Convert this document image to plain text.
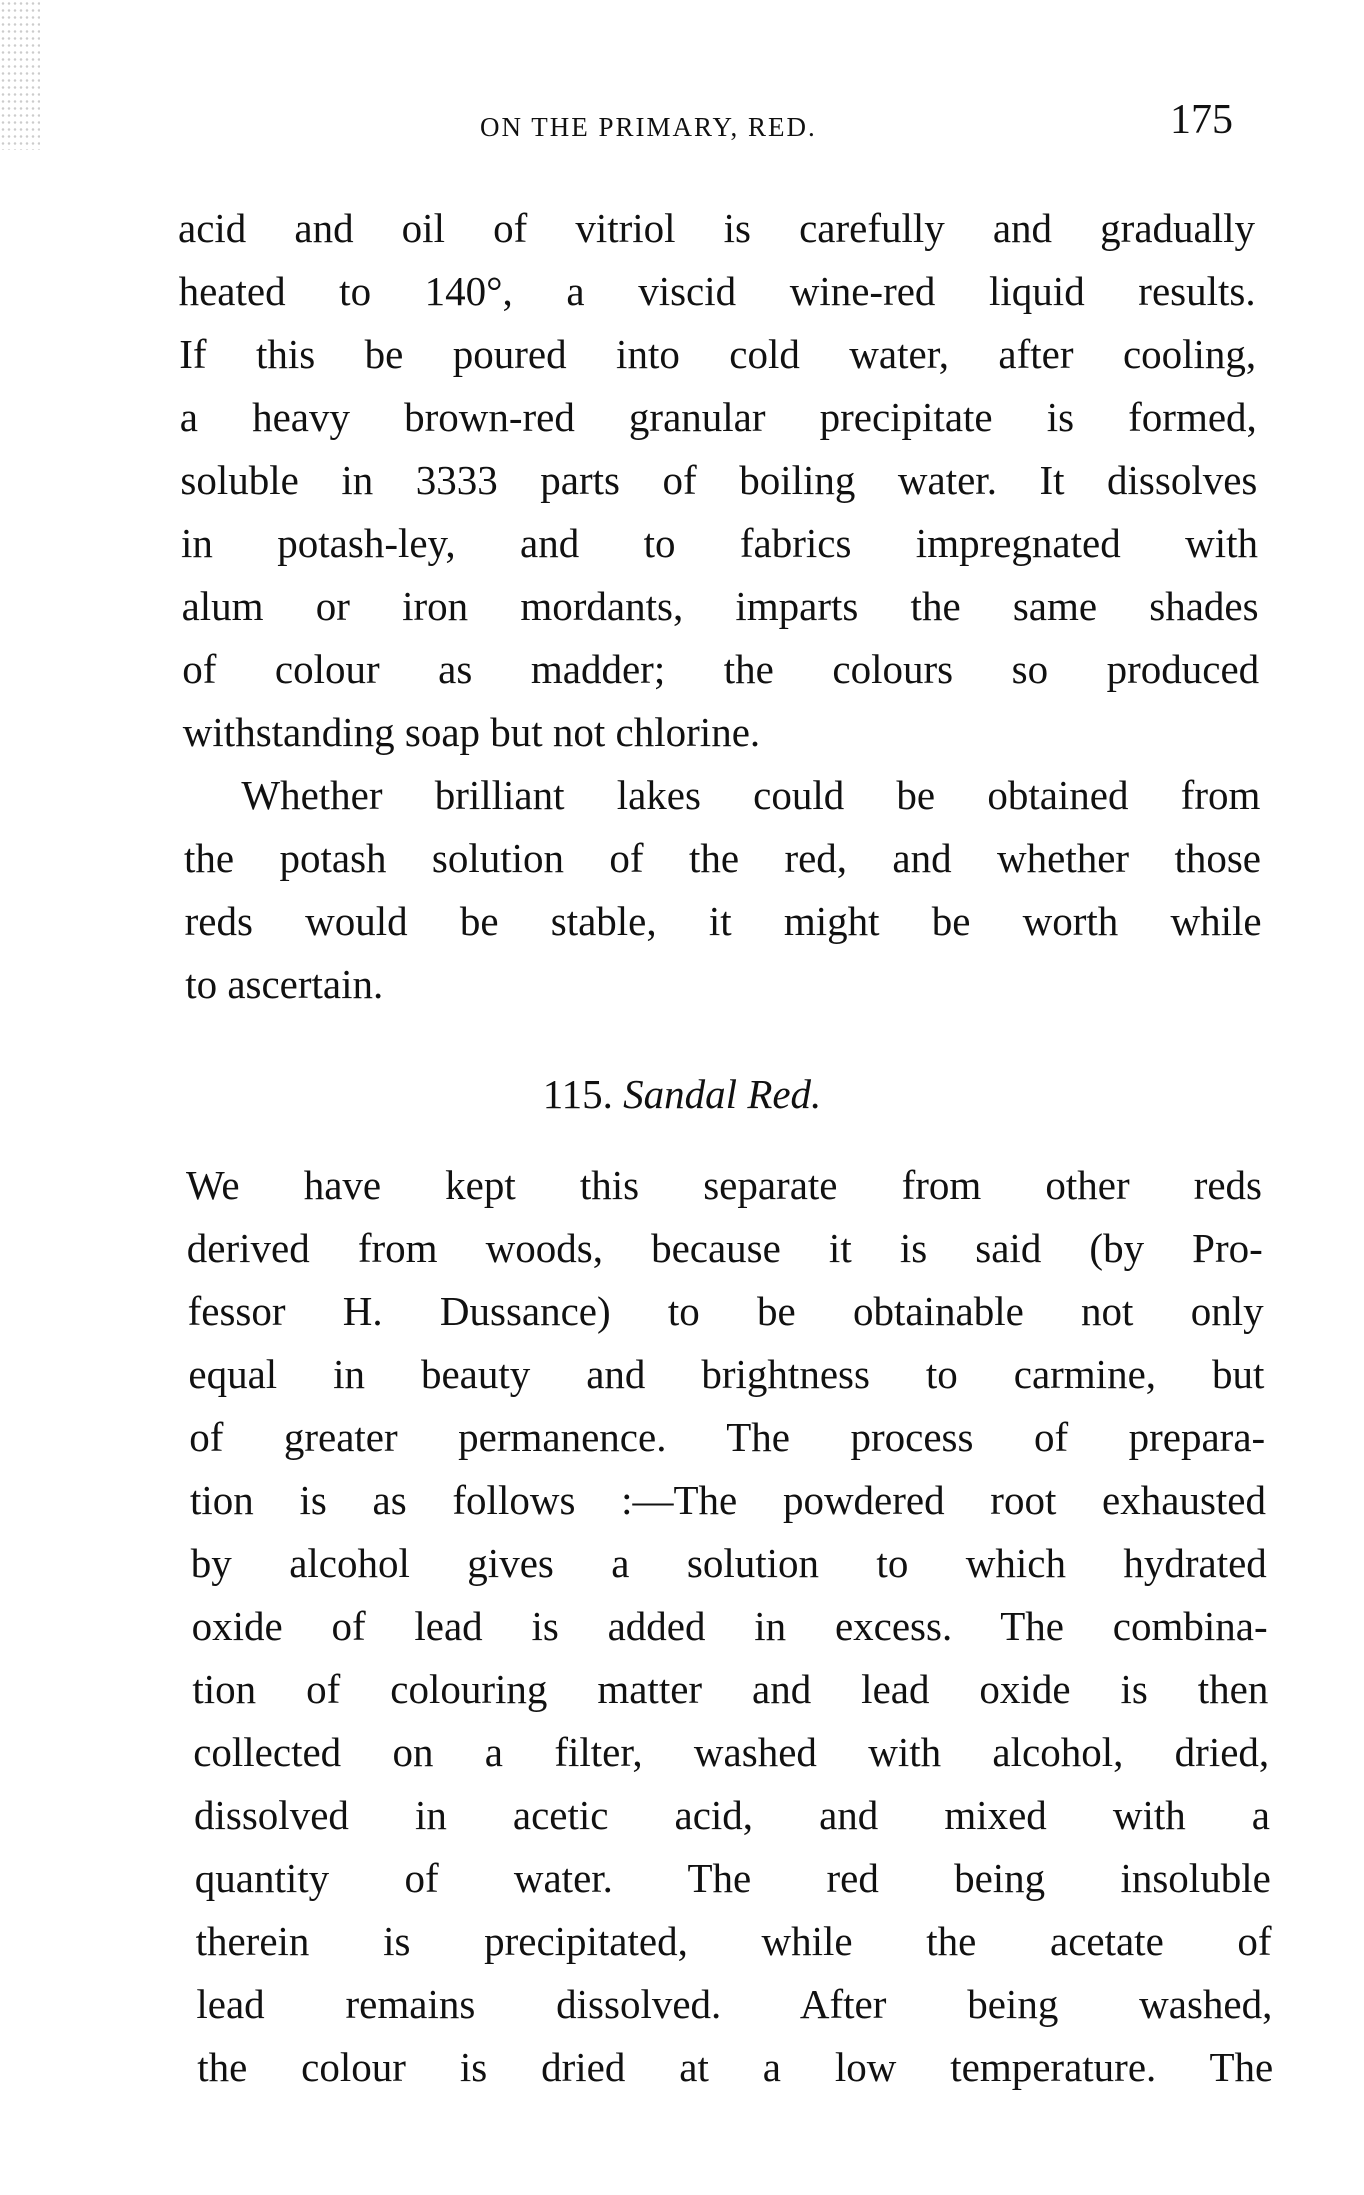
ON THE PRIMARY, RED.	175
acid and oil of vitriol is carefully and gradually
heated to 140°, a viscid wine-red liquid results.
If this be poured into cold water, after cooling,
a heavy brown-red granular precipitate is formed,
soluble in 3333 parts of boiling water. It dissolves
in potash-ley, and to fabrics impregnated with
alum or iron mordants, imparts the same shades
of colour as madder; the colours so produced
withstanding soap but not chlorine.
Whether brilliant lakes could be obtained from
the potash solution of the red, and whether those
reds would be stable, it might be worth while
to ascertain.
115. Sandal Red.
We have kept this separate from other reds
derived from woods, because it is said (by Pro-
fessor H. Dussance) to be obtainable not only
equal in beauty and brightness to carmine, but
of greater permanence. The process of prepara-
tion is as follows :—The powdered root exhausted
by alcohol gives a solution to which hydrated
oxide of lead is added in excess. The combina-
tion of colouring matter and lead oxide is then
collected on a filter, washed with alcohol, dried,
dissolved in acetic acid, and mixed with a
quantity of water. The red being insoluble
therein is precipitated, while the acetate of
lead remains dissolved. After being washed,
the colour is dried at a low temperature. The
